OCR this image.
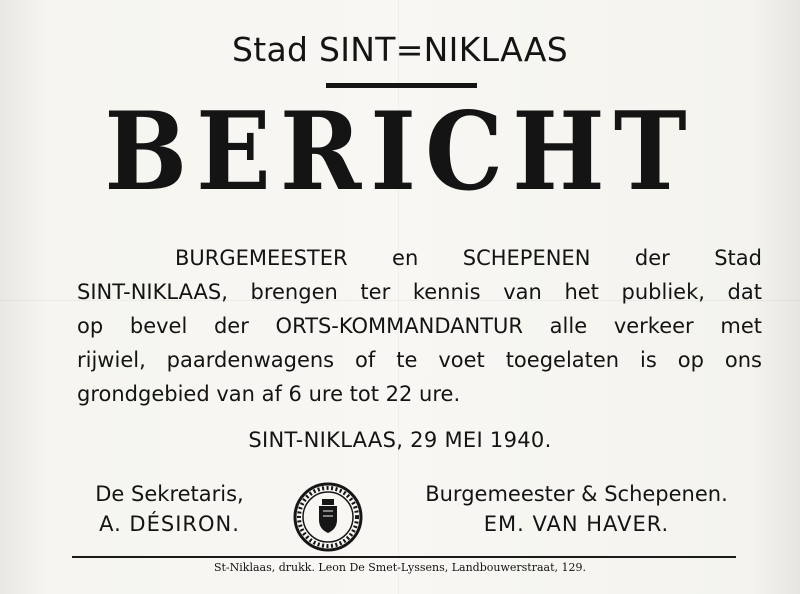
Stad SINT=NIKLAAS
BERICHT
BURGEMEESTER en SCHEPENEN der Stad
SINT-NIKLAAS, brengen ter kennis van het publiek, dat
op bevel der ORTS-KOMMANDANTUR alle verkeer met
rijwiel, paardenwagens of te voet toegelaten is op ons
grondgebied van af 6 ure tot 22 ure.
SINT-NIKLAAS, 29 MEI 1940.
De Sekretaris,
A. DÉSIRON.
Burgemeester & Schepenen.
EM. VAN HAVER.
St-Niklaas, drukk. Leon De Smet-Lyssens, Landbouwerstraat, 129.
